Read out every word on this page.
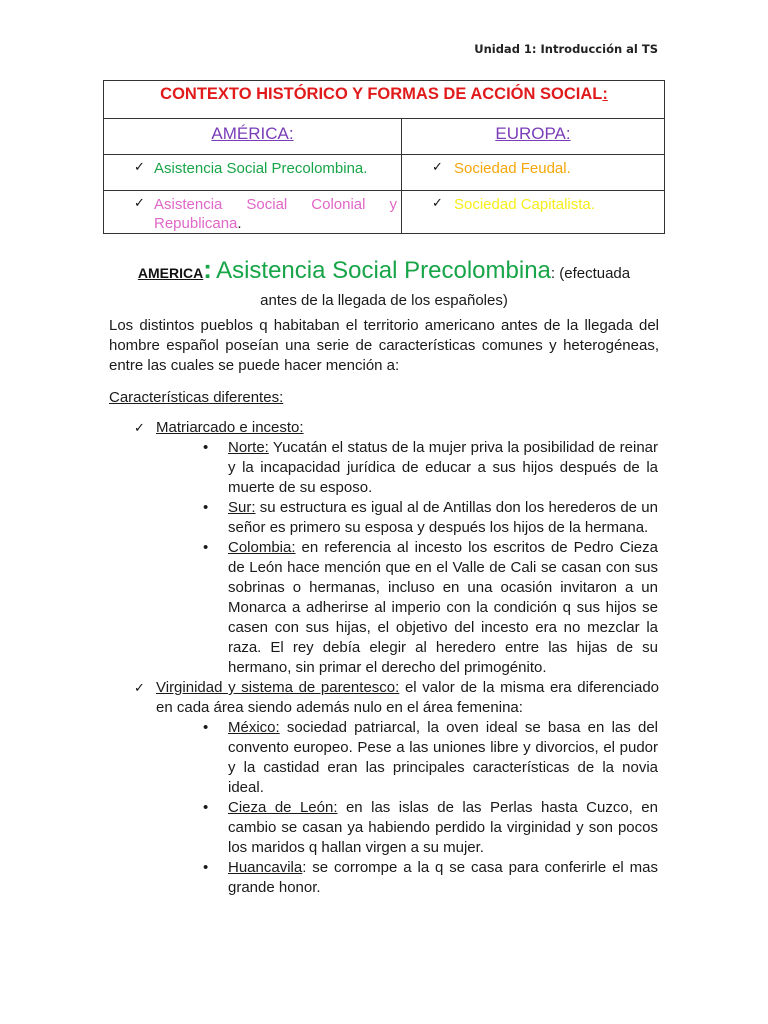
Unidad 1: Introducción al TS
CONTEXTO HISTÓRICO Y FORMAS DE ACCIÓN SOCIAL:	
AMÉRICA:	EUROPA:

✓ Asistencia Social Precolombina.	✓ Sociedad Feudal.

✓ Asistencia Social Colonial y Republicana.	✓ Sociedad Capitalista.
AMERICA: Asistencia Social Precolombina: (efectuada
antes de la llegada de los españoles)

Los distintos pueblos q habitaban el territorio americano antes de la llegada del hombre español poseían una serie de características comunes y heterogéneas, entre las cuales se puede hacer mención a:

Características diferentes:

✓ Matriarcado e incesto:
• Norte: Yucatán el status de la mujer priva la posibilidad de reinar y la incapacidad jurídica de educar a sus hijos después de la muerte de su esposo.
• Sur: su estructura es igual al de Antillas don los herederos de un señor es primero su esposa y después los hijos de la hermana.
• Colombia: en referencia al incesto los escritos de Pedro Cieza de León hace mención que en el Valle de Cali se casan con sus sobrinas o hermanas, incluso en una ocasión invitaron a un Monarca a adherirse al imperio con la condición q sus hijos se casen con sus hijas, el objetivo del incesto era no mezclar la raza. El rey debía elegir al heredero entre las hijas de su hermano, sin primar el derecho del primogénito.
✓ Virginidad y sistema de parentesco: el valor de la misma era diferenciado en cada área siendo además nulo en el área femenina:
• México: sociedad patriarcal, la oven ideal se basa en las del convento europeo. Pese a las uniones libre y divorcios, el pudor y la castidad eran las principales características de la novia ideal.
• Cieza de León: en las islas de las Perlas hasta Cuzco, en cambio se casan ya habiendo perdido la virginidad y son pocos los maridos q hallan virgen a su mujer.
• Huancavila: se corrompe a la q se casa para conferirle el mas grande honor.
